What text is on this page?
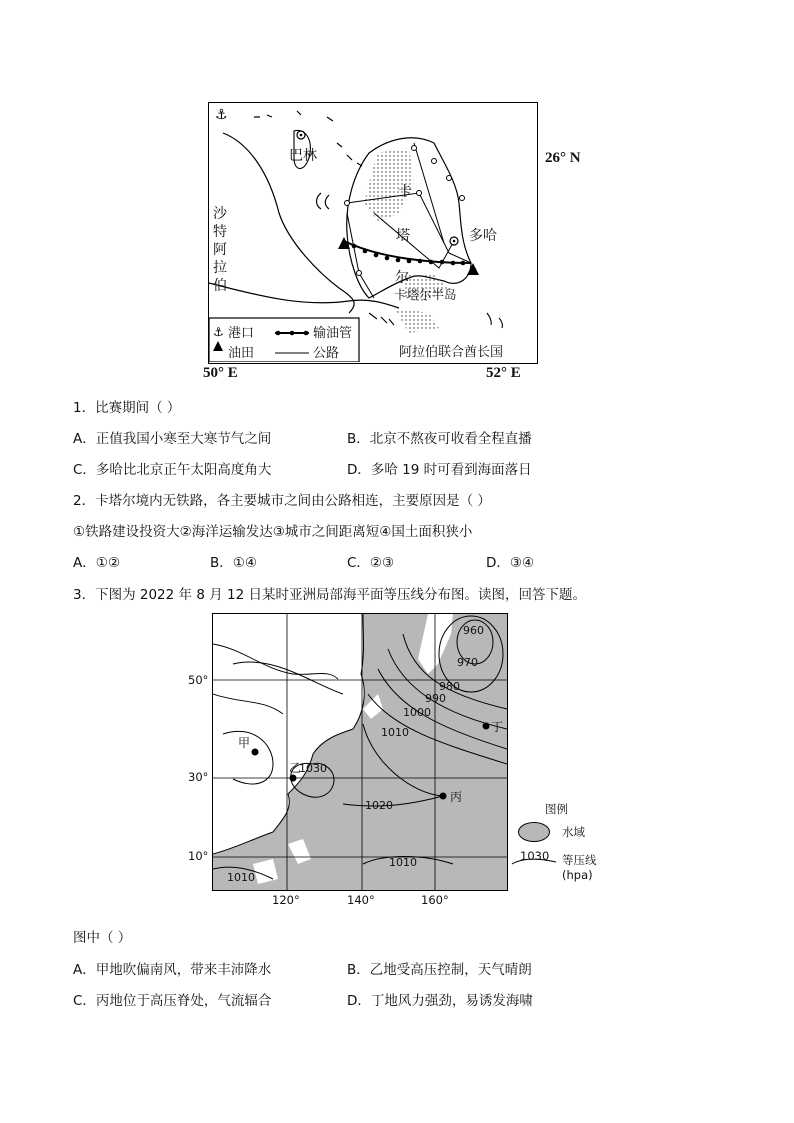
⚓
⚓
巴林
卡
塔
尔
多哈
沙
特
阿
拉
伯
卡塔尔半岛
阿拉伯联合酋长国
港口
油田
输油管
公路
26° N
50° E	52° E
1．比赛期间（ ）
A．正值我国小寒至大寒节气之间	B．北京不熬夜可收看全程直播
C．多哈比北京正午太阳高度角大	D．多哈 19 时可看到海面落日
2．卡塔尔境内无铁路，各主要城市之间由公路相连，主要原因是（ ）
①铁路建设投资大②海洋运输发达③城市之间距离短④国土面积狭小
A．①②	B．①④	C．②③	D．③④
3．下图为 2022 年 8 月 12 日某时亚洲局部海平面等压线分布图。读图，回答下题。
甲
乙
丙
丁
960
970
980
990
1000
1010
1030
1020
1010
1010
50°
30°
10°
120°	140°	160°
图例
水域
1030 等压线
(hpa)
图中（ ）
A．甲地吹偏南风，带来丰沛降水	B．乙地受高压控制，天气晴朗
C．丙地位于高压脊处，气流辐合	D．丁地风力强劲，易诱发海啸
